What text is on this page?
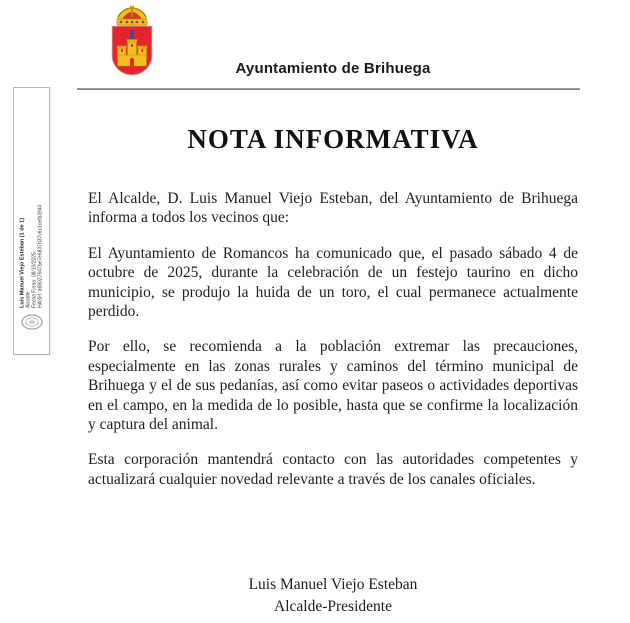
Ayuntamiento de Brihuega
Luis Manuel Viejo Esteban (1 de 1) Alcalde Fecha Firma: 08/10/2025 HASH: a68027647be7e6837b37c6c1cefb3940
NOTA INFORMATIVA

El Alcalde, D. Luis Manuel Viejo Esteban, del Ayuntamiento de Brihuega informa a todos los vecinos que:

El Ayuntamiento de Romancos ha comunicado que, el pasado sábado 4 de octubre de 2025, durante la celebración de un festejo taurino en dicho municipio, se produjo la huida de un toro, el cual permanece actualmente perdido.

Por ello, se recomienda a la población extremar las precauciones, especialmente en las zonas rurales y caminos del término municipal de Brihuega y el de sus pedanías, así como evitar paseos o actividades deportivas en el campo, en la medida de lo posible, hasta que se confirme la localización y captura del animal.

Esta corporación mantendrá contacto con las autoridades competentes y actualizará cualquier novedad relevante a través de los canales oficiales.

Luis Manuel Viejo Esteban
Alcalde-Presidente
